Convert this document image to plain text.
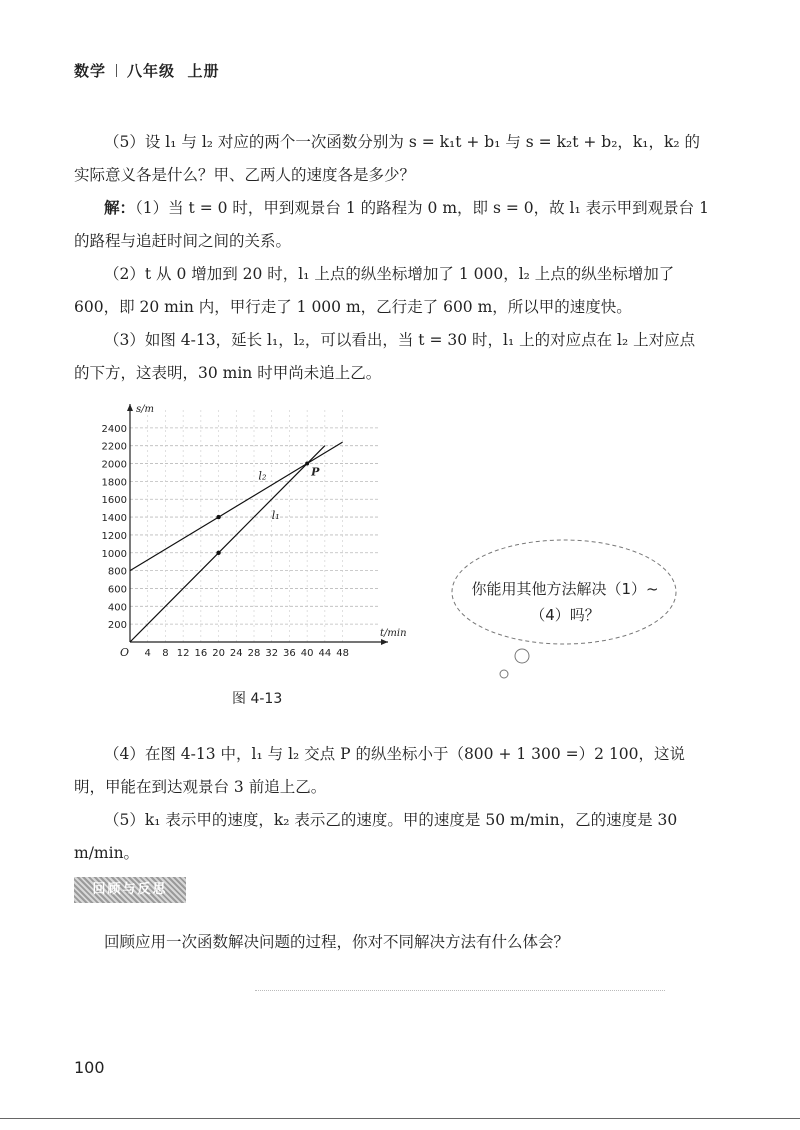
数学 八年级 上册

（5）设 l₁ 与 l₂ 对应的两个一次函数分别为 s = k₁t + b₁ 与 s = k₂t + b₂，k₁，k₂ 的实际意义各是什么？甲、乙两人的速度各是多少？

解：（1）当 t = 0 时，甲到观景台 1 的路程为 0 m，即 s = 0，故 l₁ 表示甲到观景台 1 的路程与追赶时间之间的关系。

（2）t 从 0 增加到 20 时，l₁ 上点的纵坐标增加了 1 000，l₂ 上点的纵坐标增加了 600，即 20 min 内，甲行走了 1 000 m，乙行走了 600 m，所以甲的速度快。

（3）如图 4-13，延长 l₁，l₂，可以看出，当 t = 30 时，l₁ 上的对应点在 l₂ 上对应点的下方，这表明，30 min 时甲尚未追上乙。

200
400
600
800
1000
1200
1400
1600
1800
2000
2200
2400
4 8 12 16 20 24 28 32 36 40 44 48
O
t/min
s/m
l₁
l₂	P
图 4-13
你能用其他方法解决（1）~（4）吗？

（4）在图 4-13 中，l₁ 与 l₂ 交点 P 的纵坐标小于（800 + 1 300 =）2 100，这说明，甲能在到达观景台 3 前追上乙。

（5）k₁ 表示甲的速度，k₂ 表示乙的速度。甲的速度是 50 m/min，乙的速度是 30 m/min。

回顾与反思

回顾应用一次函数解决问题的过程，你对不同解决方法有什么体会？

100
